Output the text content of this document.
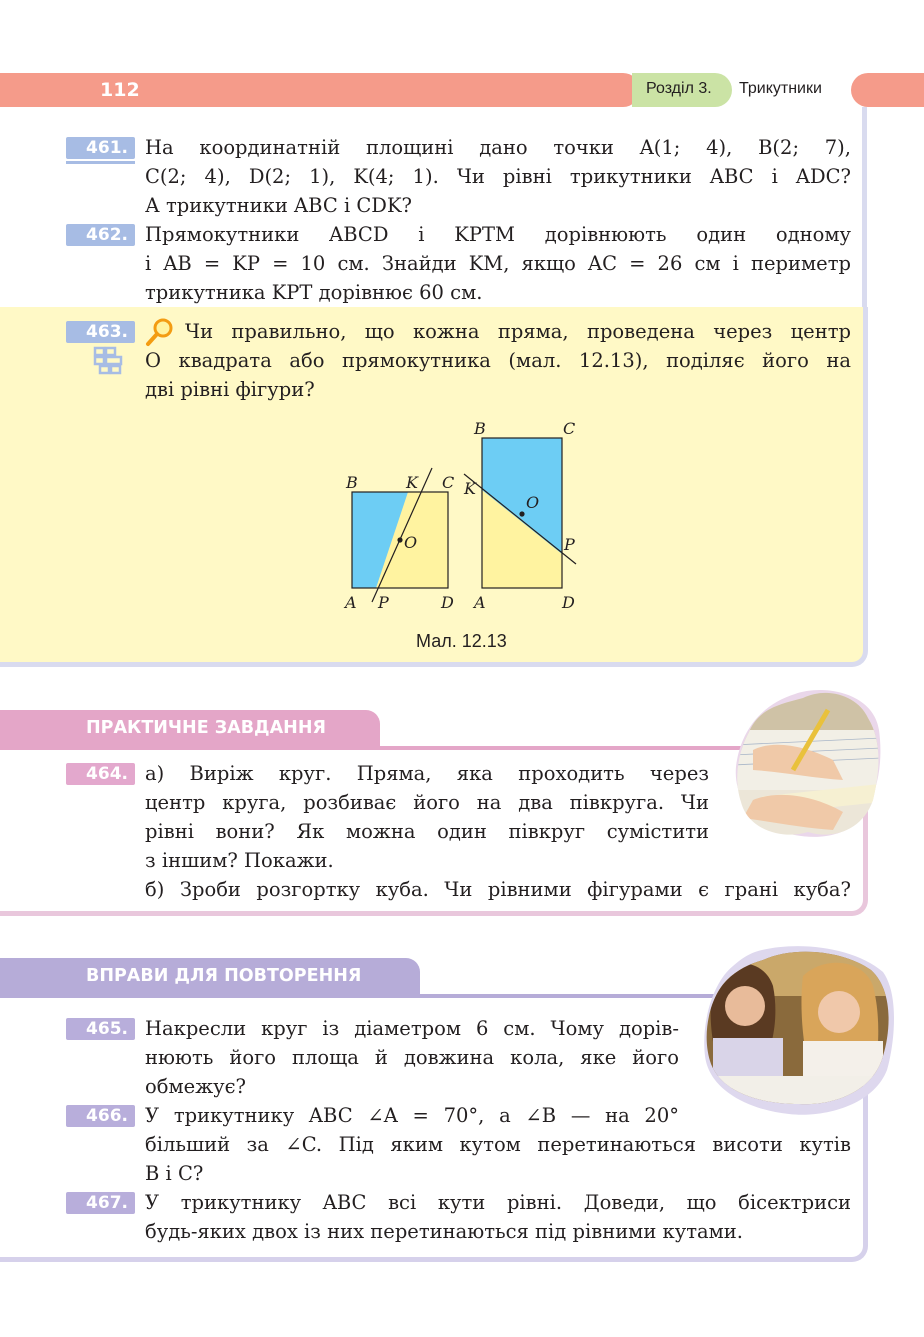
112	Розділ 3. Трикутники
461. На координатній площині дано точки A(1; 4), B(2; 7),
C(2; 4), D(2; 1), K(4; 1). Чи рівні трикутники ABC і ADC?
А трикутники ABC і CDK?
462. Прямокутники ABCD і KPTM дорівнюють один одному
і AB = KP = 10 см. Знайди KM, якщо AC = 26 см і периметр
трикутника KPT дорівнює 60 см.
463.	Чи правильно, що кожна пряма, проведена через центр
O квадрата або прямокутника (мал. 12.13), поділяє його на
дві рівні фігури?
B	K C
O
A P	D
B	C
K
O
P
A	D
Мал. 12.13
ПРАКТИЧНЕ ЗАВДАННЯ
464. а) Виріж круг. Пряма, яка проходить через
центр круга, розбиває його на два півкруга. Чи
рівні вони? Як можна один півкруг сумістити
з іншим? Покажи.
б) Зроби розгортку куба. Чи рівними фігурами є грані куба?
ВПРАВИ ДЛЯ ПОВТОРЕННЯ
465. Накресли круг із діаметром 6 см. Чому дорів-
нюють його площа й довжина кола, яке його
обмежує?
466. У трикутнику ABC ∠A = 70°, а ∠B — на 20°
більший за ∠C. Під яким кутом перетинаються висоти кутів
B і C?
467. У трикутнику ABC всі кути рівні. Доведи, що бісектриси
будь-яких двох із них перетинаються під рівними кутами.
